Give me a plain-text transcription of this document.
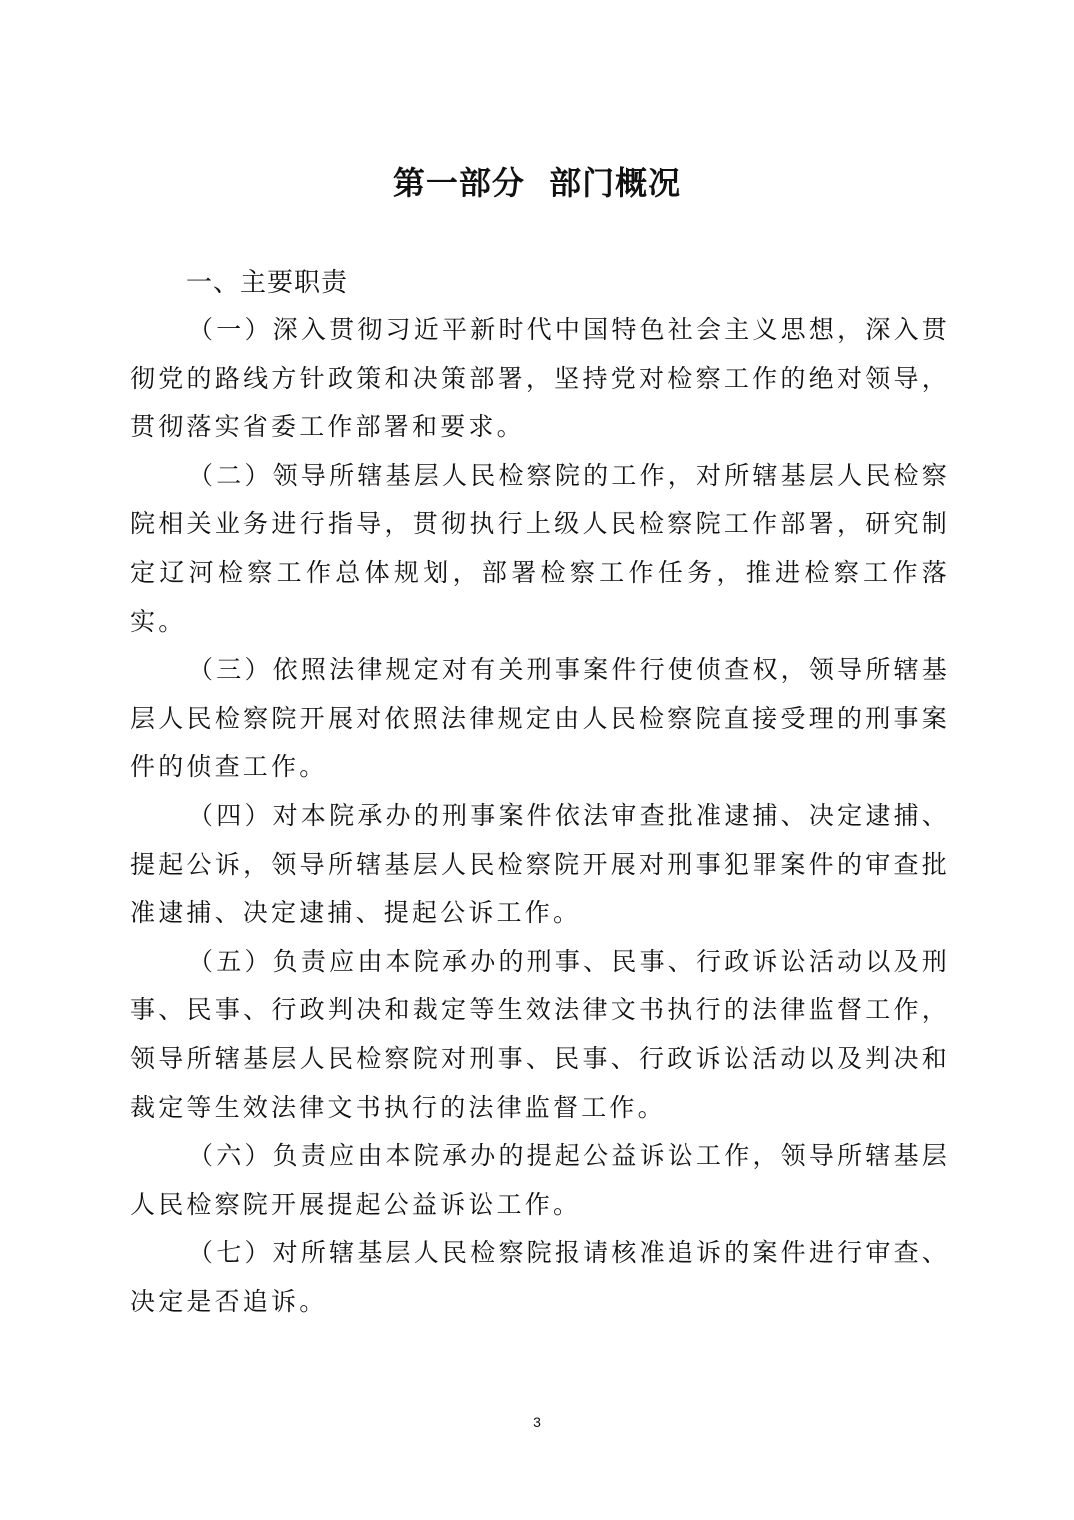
第一部分  部门概况
一、主要职责

（一）深入贯彻习近平新时代中国特色社会主义思想，深入贯彻党的路线方针政策和决策部署，坚持党对检察工作的绝对领导，贯彻落实省委工作部署和要求。

（二）领导所辖基层人民检察院的工作，对所辖基层人民检察院相关业务进行指导，贯彻执行上级人民检察院工作部署，研究制定辽河检察工作总体规划，部署检察工作任务，推进检察工作落实。

（三）依照法律规定对有关刑事案件行使侦查权，领导所辖基层人民检察院开展对依照法律规定由人民检察院直接受理的刑事案件的侦查工作。

（四）对本院承办的刑事案件依法审查批准逮捕、决定逮捕、提起公诉，领导所辖基层人民检察院开展对刑事犯罪案件的审查批准逮捕、决定逮捕、提起公诉工作。

（五）负责应由本院承办的刑事、民事、行政诉讼活动以及刑事、民事、行政判决和裁定等生效法律文书执行的法律监督工作，领导所辖基层人民检察院对刑事、民事、行政诉讼活动以及判决和裁定等生效法律文书执行的法律监督工作。

（六）负责应由本院承办的提起公益诉讼工作，领导所辖基层人民检察院开展提起公益诉讼工作。

（七）对所辖基层人民检察院报请核准追诉的案件进行审查、决定是否追诉。

3
